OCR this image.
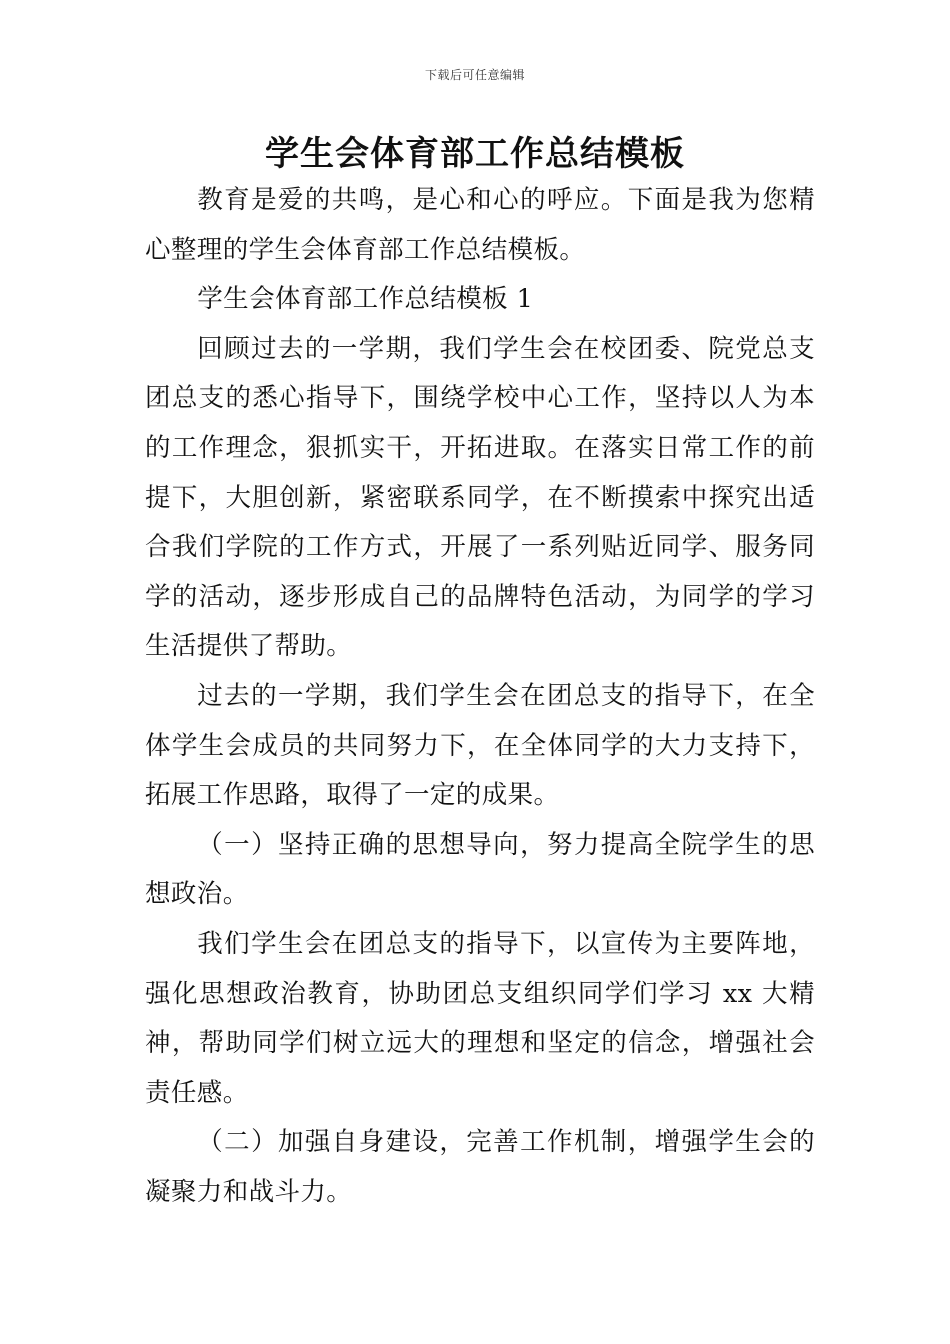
下载后可任意编辑
学生会体育部工作总结模板

教育是爱的共鸣，是心和心的呼应。下面是我为您精心整理的学生会体育部工作总结模板。

学生会体育部工作总结模板 1

回顾过去的一学期，我们学生会在校团委、院党总支团总支的悉心指导下，围绕学校中心工作，坚持以人为本的工作理念，狠抓实干，开拓进取。在落实日常工作的前提下，大胆创新，紧密联系同学，在不断摸索中探究出适合我们学院的工作方式，开展了一系列贴近同学、服务同学的活动，逐步形成自己的品牌特色活动，为同学的学习生活提供了帮助。

过去的一学期，我们学生会在团总支的指导下，在全体学生会成员的共同努力下，在全体同学的大力支持下，拓展工作思路，取得了一定的成果。

（一）坚持正确的思想导向，努力提高全院学生的思想政治。

我们学生会在团总支的指导下，以宣传为主要阵地，强化思想政治教育，协助团总支组织同学们学习 xx 大精神，帮助同学们树立远大的理想和坚定的信念，增强社会责任感。

（二）加强自身建设，完善工作机制，增强学生会的凝聚力和战斗力。
